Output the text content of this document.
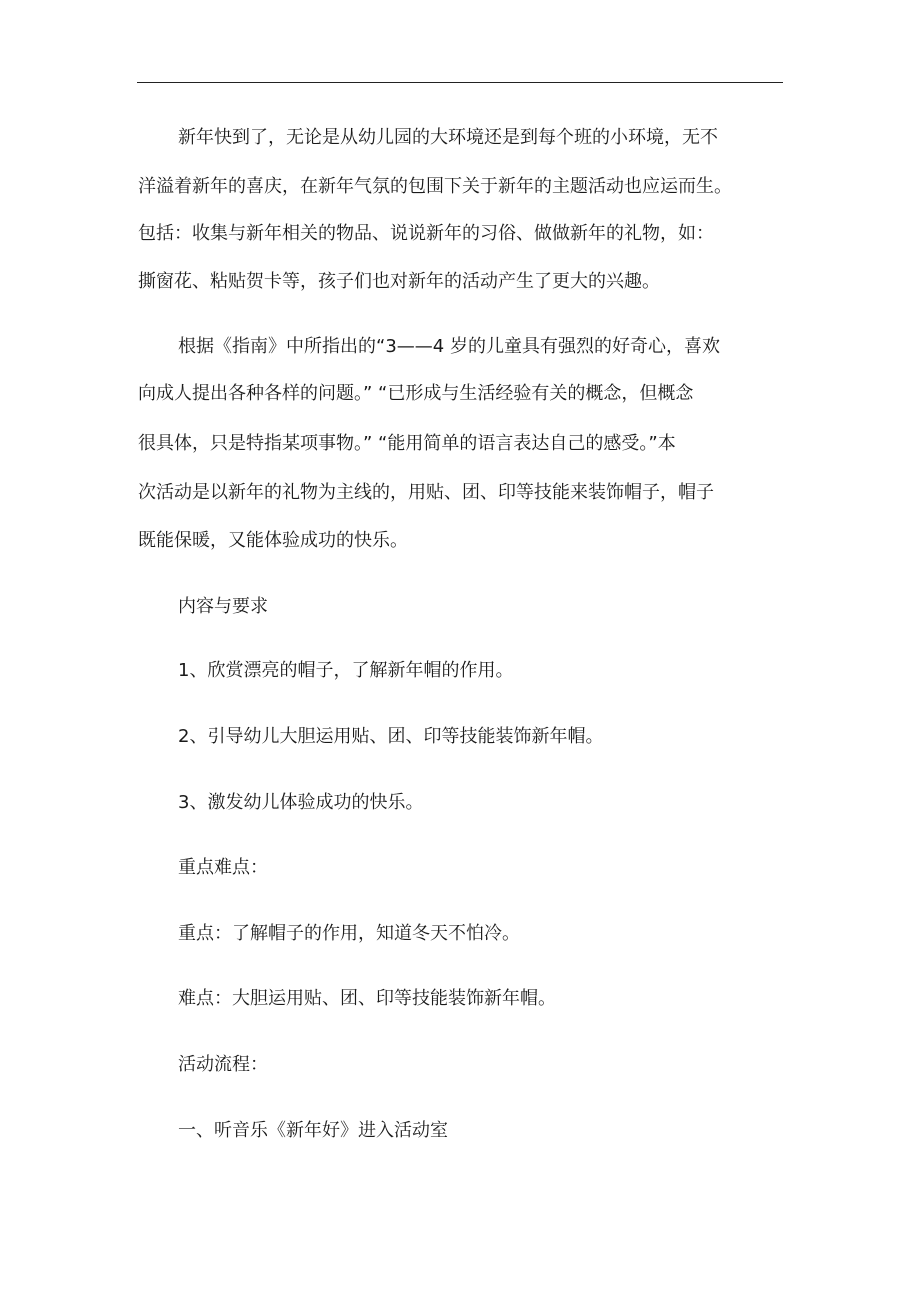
新年快到了，无论是从幼儿园的大环境还是到每个班的小环境，无不
洋溢着新年的喜庆，在新年气氛的包围下关于新年的主题活动也应运而生。
包括：收集与新年相关的物品、说说新年的习俗、做做新年的礼物，如：
撕窗花、粘贴贺卡等，孩子们也对新年的活动产生了更大的兴趣。
根据《指南》中所指出的“3——4 岁的儿童具有强烈的好奇心，喜欢
向成人提出各种各样的问题。” “已形成与生活经验有关的概念，但概念
很具体，只是特指某项事物。” “能用简单的语言表达自己的感受。”本
次活动是以新年的礼物为主线的，用贴、团、印等技能来装饰帽子，帽子
既能保暖，又能体验成功的快乐。
内容与要求
1、欣赏漂亮的帽子，了解新年帽的作用。
2、引导幼儿大胆运用贴、团、印等技能装饰新年帽。
3、激发幼儿体验成功的快乐。
重点难点：
重点：了解帽子的作用，知道冬天不怕冷。
难点：大胆运用贴、团、印等技能装饰新年帽。
活动流程：
一、听音乐《新年好》进入活动室
